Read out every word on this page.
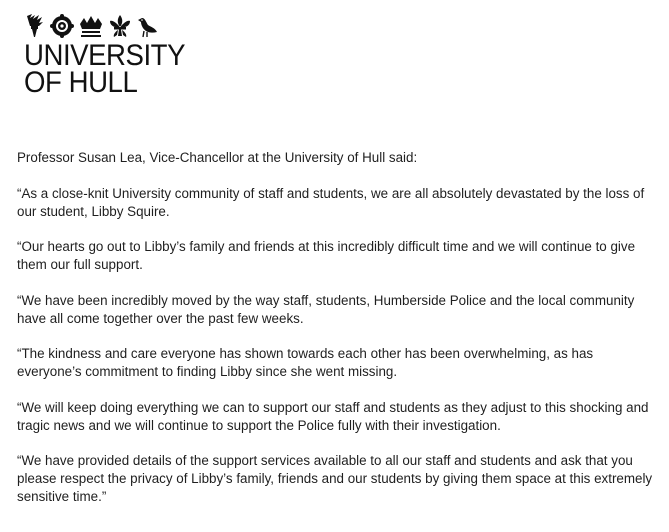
UNIVERSITY
OF HULL

Professor Susan Lea, Vice-Chancellor at the University of Hull said:

“As a close-knit University community of staff and students, we are all absolutely devastated by the loss of our student, Libby Squire.

“Our hearts go out to Libby’s family and friends at this incredibly difficult time and we will continue to give them our full support.

“We have been incredibly moved by the way staff, students, Humberside Police and the local community have all come together over the past few weeks.

“The kindness and care everyone has shown towards each other has been overwhelming, as has everyone’s commitment to finding Libby since she went missing.

“We will keep doing everything we can to support our staff and students as they adjust to this shocking and tragic news and we will continue to support the Police fully with their investigation.

“We have provided details of the support services available to all our staff and students and ask that you please respect the privacy of Libby’s family, friends and our students by giving them space at this extremely sensitive time.”
